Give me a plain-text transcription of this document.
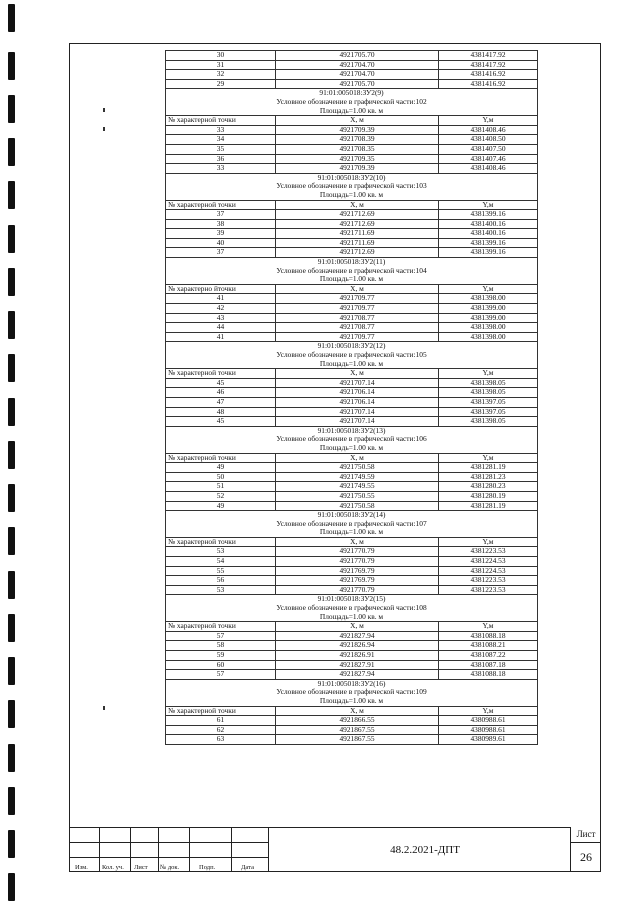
30	4921705.70	4381417.92
31	4921704.70	4381417.92
32	4921704.70	4381416.92
29	4921705.70	4381416.92
91:01:005018:ЗУ2(9)		
Условное обозначение в графической части:102		
Площадь=1.00 кв. м		
№ характерной точки	Х, м	Y,м
33	4921709.39	4381408.46
34	4921708.39	4381408.50
35	4921708.35	4381407.50
36	4921709.35	4381407.46
33	4921709.39	4381408.46
91:01:005018:ЗУ2(10)		
Условное обозначение в графической части:103		
Площадь=1.00 кв. м		
№ характерной точки	Х, м	Y,м
37	4921712.69	4381399.16
38	4921712.69	4381400.16
39	4921711.69	4381400.16
40	4921711.69	4381399.16
37	4921712.69	4381399.16
91:01:005018:ЗУ2(11)		
Условное обозначение в графической части:104		
Площадь=1.00 кв. м		
№ характерно йточки	Х, м	Y,м
41	4921709.77	4381398.00
42	4921709.77	4381399.00
43	4921708.77	4381399.00
44	4921708.77	4381398.00
41	4921709.77	4381398.00
91:01:005018:ЗУ2(12)		
Условное обозначение в графической части:105		
Площадь=1.00 кв. м		
№ характерной точки	Х, м	Y,м
45	4921707.14	4381398.05
46	4921706.14	4381398.05
47	4921706.14	4381397.05
48	4921707.14	4381397.05
45	4921707.14	4381398.05
91:01:005018:ЗУ2(13)		
Условное обозначение в графической части:106		
Площадь=1.00 кв. м		
№ характерной точки	Х, м	Y,м
49	4921750.58	4381281.19
50	4921749.59	4381281.23
51	4921749.55	4381280.23
52	4921750.55	4381280.19
49	4921750.58	4381281.19
91:01:005018:ЗУ2(14)		
Условное обозначение в графической части:107		
Площадь=1.00 кв. м		
№ характерной точки	Х, м	Y,м
53	4921770.79	4381223.53
54	4921770.79	4381224.53
55	4921769.79	4381224.53
56	4921769.79	4381223.53
53	4921770.79	4381223.53
91:01:005018:ЗУ2(15)		
Условное обозначение в графической части:108		
Площадь=1.00 кв. м		
№ характерной точки	Х, м	Y,м
57	4921827.94	4381088.18
58	4921826.94	4381088.21
59	4921826.91	4381087.22
60	4921827.91	4381087.18
57	4921827.94	4381088.18
91:01:005018:ЗУ2(16)		
Условное обозначение в графической части:109		
Площадь=1.00 кв. м		
№ характерной точки	Х, м	Y,м
61	4921866.55	4380988.61
62	4921867.55	4380988.61
63	4921867.55	4380989.61
Изм. Кол. уч. Лист № док.	Подп.	Дата
48.2.2021-ДПТ
Лист
26
